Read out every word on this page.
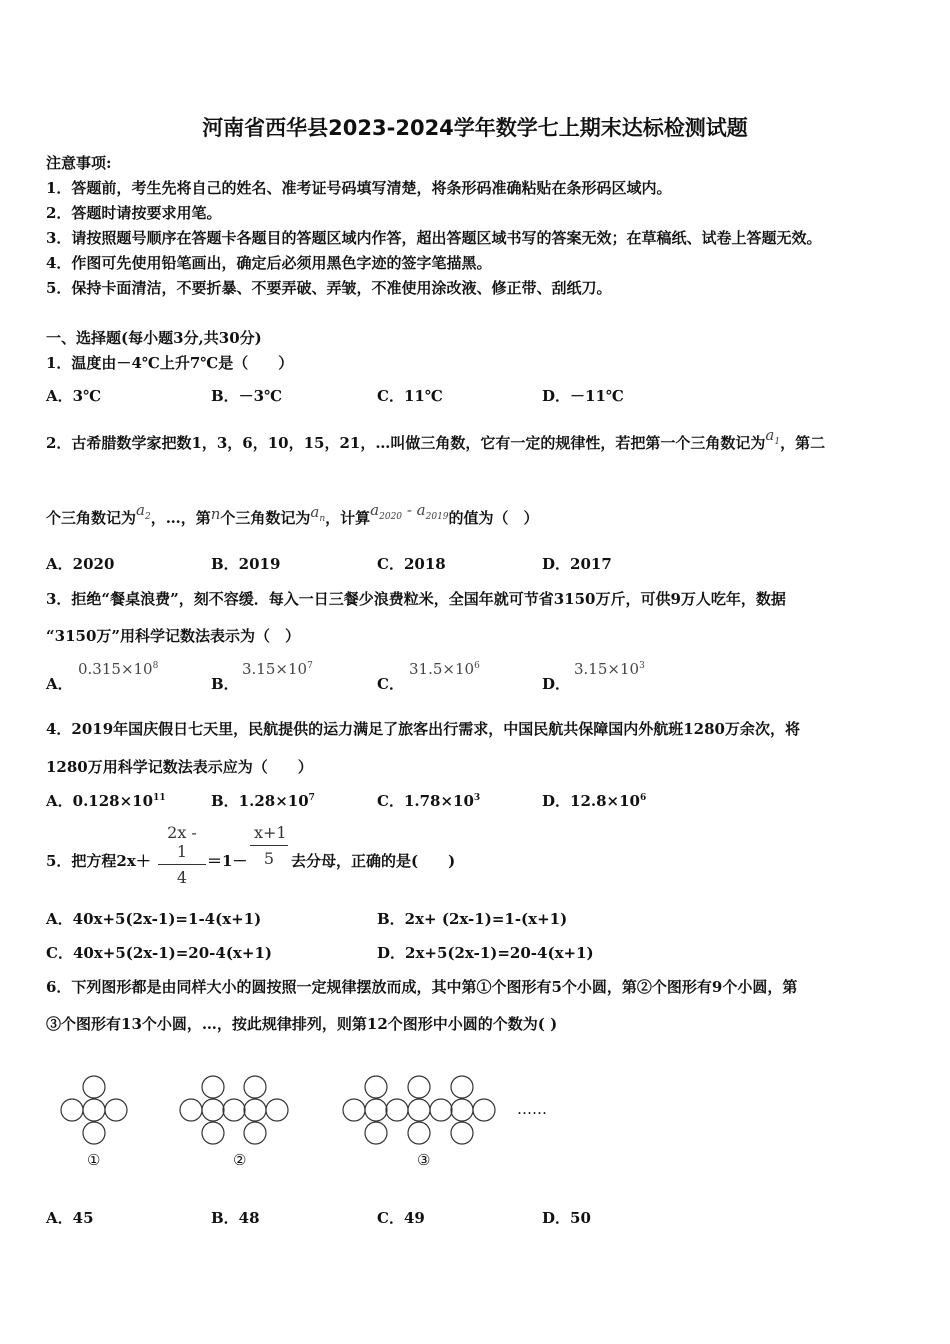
河南省西华县2023-2024学年数学七上期末达标检测试题
注意事项:
1．答题前，考生先将自己的姓名、准考证号码填写清楚，将条形码准确粘贴在条形码区域内。
2．答题时请按要求用笔。
3．请按照题号顺序在答题卡各题目的答题区域内作答，超出答题区域书写的答案无效；在草稿纸、试卷上答题无效。
4．作图可先使用铅笔画出，确定后必须用黑色字迹的签字笔描黑。
5．保持卡面清洁，不要折暴、不要弄破、弄皱，不准使用涂改液、修正带、刮纸刀。
一、选择题(每小题3分,共30分)
1．温度由－4℃上升7℃是（　　）
A．3℃	B．－3℃	C．11℃	D．－11℃
2．古希腊数学家把数1，3，6，10，15，21，…叫做三角数，它有一定的规律性，若把第一个三角数记为$a_1$，第二
个三角数记为$a_2$，…，第n个三角数记为$a_n$，计算$a_{2020} - a_{2019}$的值为（　）
A．2020	B．2019	C．2018	D．2017
3．拒绝“餐桌浪费”，刻不容缓．每入一日三餐少浪费粒米，全国年就可节省3150万斤，可供9万人吃年，数据
“3150万”用科学记数法表示为（　）
A．
$0.315\times 10^8$
B．
$3.15\times 10^7$
C．
$31.5\times 10^6$
D．
$3.15\times 10^3$
4．2019年国庆假日七天里，民航提供的运力满足了旅客出行需求，中国民航共保障国内外航班1280万余次，将
1280万用科学记数法表示应为（　　）
A．$0.128\times 10^{11}$	B．$1.28\times 10^7$	C．$1.78\times 10^3$	D．$12.8\times 10^6$
5．把方程2x＋
2x - 1
4
＝1－
x+1
5	去分母，正确的是(　　)
A．40x+5(2x-1)=1-4(x+1)	B．2x+ (2x-1)=1-(x+1)
C．40x+5(2x-1)=20-4(x+1)	D．2x+5(2x-1)=20-4(x+1)
6．下列图形都是由同样大小的圆按照一定规律摆放而成，其中第①个图形有5个小圆，第②个图形有9个小圆，第
③个图形有13个小圆，…，按此规律排列，则第12个图形中小圆的个数为( )
①	②	③
……
A．45	B．48	C．49	D．50
